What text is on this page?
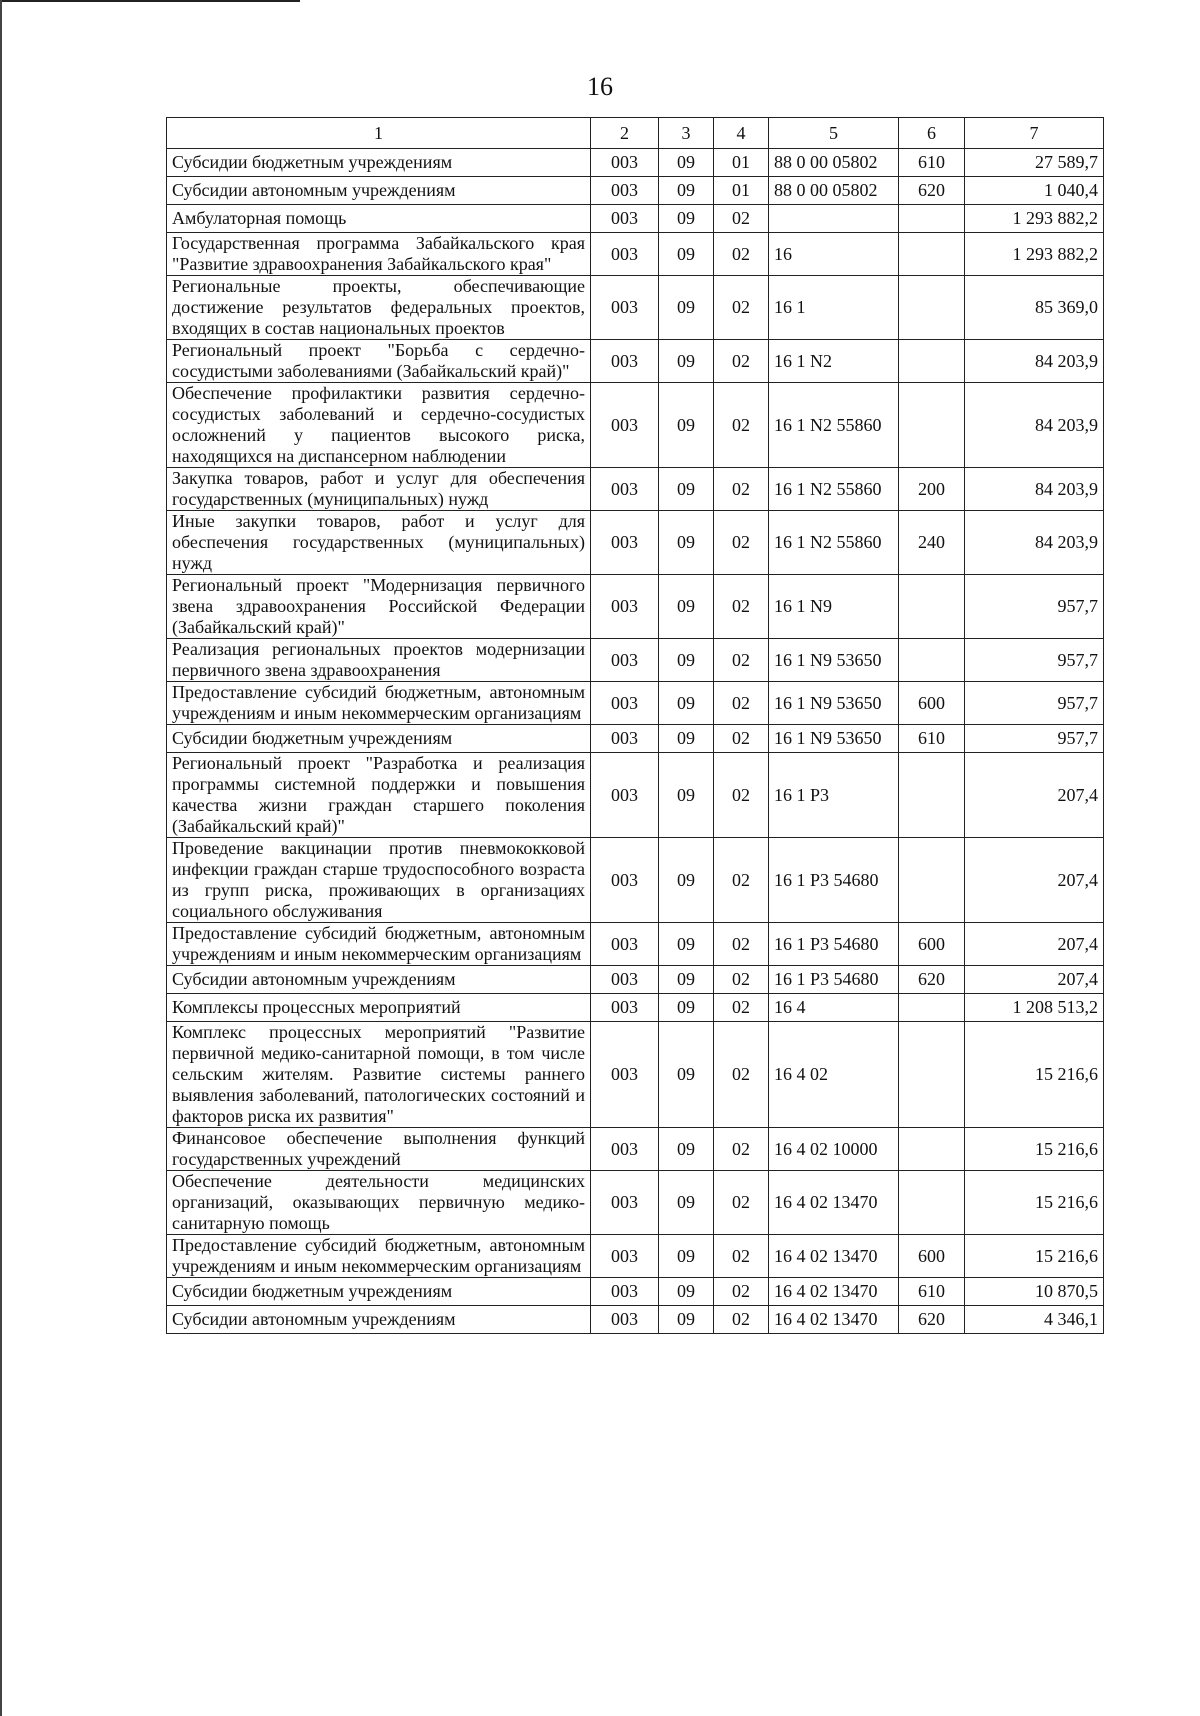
16
1	2	3	4	5	6	7
Субсидии бюджетным учреждениям	003	09	01	88 0 00 05802	610	27 589,7
Субсидии автономным учреждениям	003	09	01	88 0 00 05802	620	1 040,4
Амбулаторная помощь	003	09	02			1 293 882,2
Государственная программа Забайкальского края "Развитие здравоохранения Забайкальского края"	003	09	02	16		1 293 882,2
Региональные проекты, обеспечивающие достижение результатов федеральных проектов, входящих в состав национальных проектов	003	09	02	16 1		85 369,0
Региональный проект "Борьба с сердечно-сосудистыми заболеваниями (Забайкальский край)"	003	09	02	16 1 N2		84 203,9
Обеспечение профилактики развития сердечно-сосудистых заболеваний и сердечно-сосудистых осложнений у пациентов высокого риска, находящихся на диспансерном наблюдении	003	09	02	16 1 N2 55860		84 203,9
Закупка товаров, работ и услуг для обеспечения государственных (муниципальных) нужд	003	09	02	16 1 N2 55860	200	84 203,9
Иные закупки товаров, работ и услуг для обеспечения государственных (муниципальных) нужд	003	09	02	16 1 N2 55860	240	84 203,9
Региональный проект "Модернизация первичного звена здравоохранения Российской Федерации (Забайкальский край)"	003	09	02	16 1 N9		957,7
Реализация региональных проектов модернизации первичного звена здравоохранения	003	09	02	16 1 N9 53650		957,7
Предоставление субсидий бюджетным, автономным учреждениям и иным некоммерческим организациям	003	09	02	16 1 N9 53650	600	957,7
Субсидии бюджетным учреждениям	003	09	02	16 1 N9 53650	610	957,7
Региональный проект "Разработка и реализация программы системной поддержки и повышения качества жизни граждан старшего поколения (Забайкальский край)"	003	09	02	16 1 P3		207,4
Проведение вакцинации против пневмококковой инфекции граждан старше трудоспособного возраста из групп риска, проживающих в организациях социального обслуживания	003	09	02	16 1 P3 54680		207,4
Предоставление субсидий бюджетным, автономным учреждениям и иным некоммерческим организациям	003	09	02	16 1 P3 54680	600	207,4
Субсидии автономным учреждениям	003	09	02	16 1 P3 54680	620	207,4
Комплексы процессных мероприятий	003	09	02	16 4		1 208 513,2
Комплекс процессных мероприятий "Развитие первичной медико-санитарной помощи, в том числе сельским жителям. Развитие системы раннего выявления заболеваний, патологических состояний и факторов риска их развития"	003	09	02	16 4 02		15 216,6
Финансовое обеспечение выполнения функций государственных учреждений	003	09	02	16 4 02 10000		15 216,6
Обеспечение деятельности медицинских организаций, оказывающих первичную медико-санитарную помощь	003	09	02	16 4 02 13470		15 216,6
Предоставление субсидий бюджетным, автономным учреждениям и иным некоммерческим организациям	003	09	02	16 4 02 13470	600	15 216,6
Субсидии бюджетным учреждениям	003	09	02	16 4 02 13470	610	10 870,5
Субсидии автономным учреждениям	003	09	02	16 4 02 13470	620	4 346,1
